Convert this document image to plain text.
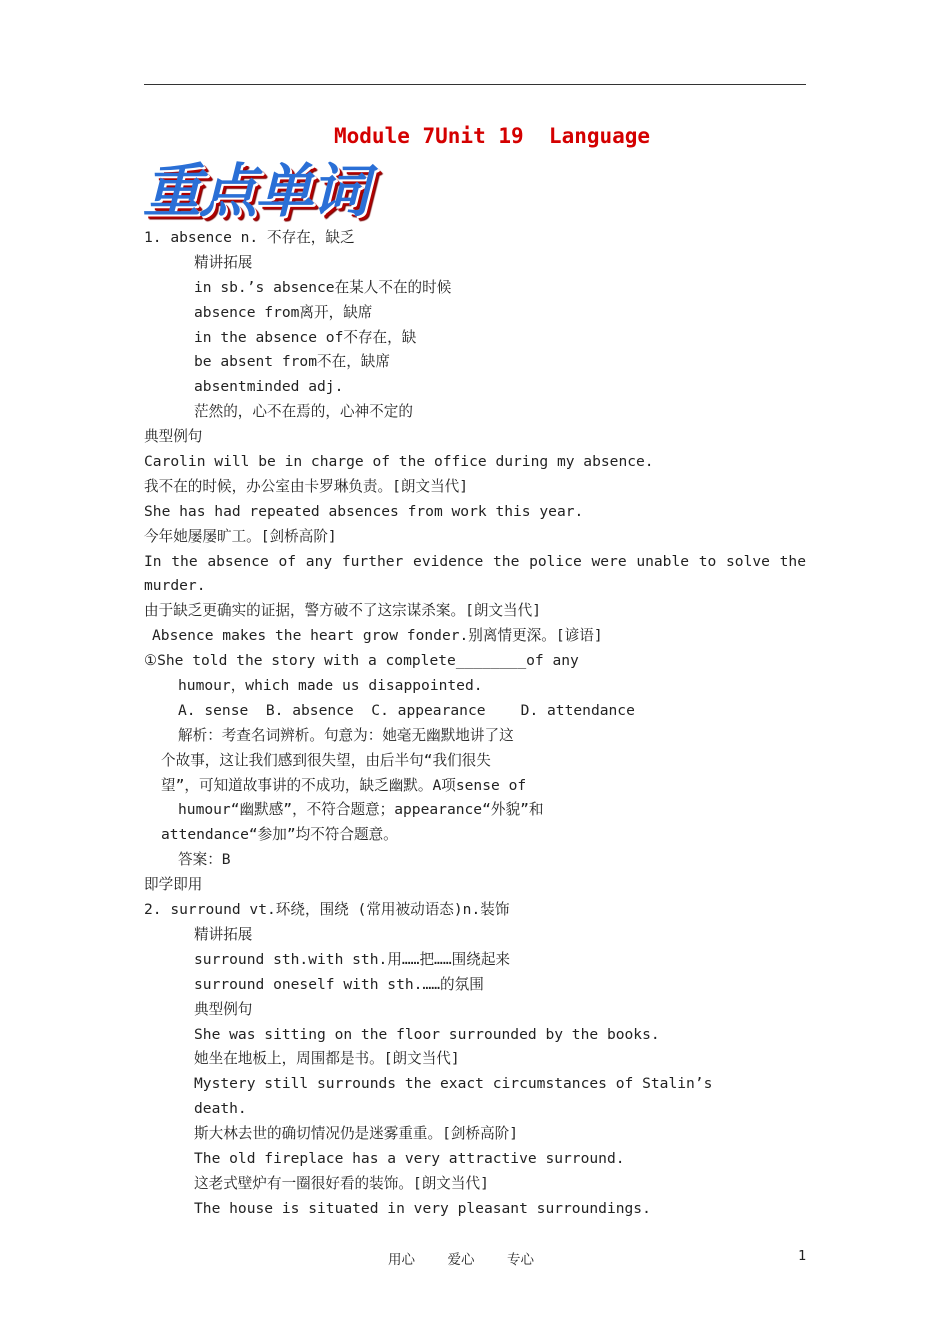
Module 7Unit 19  Language
重点单词
1. absence n. 不存在，缺乏
精讲拓展
in sb.’s absence在某人不在的时候
absence from离开，缺席
in the absence of不存在，缺
be absent from不在，缺席
absentminded adj.
茫然的，心不在焉的，心神不定的
典型例句
Carolin will be in charge of the office during my absence.
我不在的时候，办公室由卡罗琳负责。[朗文当代]
She has had repeated absences from work this year.
今年她屡屡旷工。[剑桥高阶]
In the absence of any further evidence the police were unable to solve the
murder.
由于缺乏更确实的证据，警方破不了这宗谋杀案。[朗文当代]
Absence makes the heart grow fonder.别离情更深。[谚语]
①She told the story with a complete________of any
humour，which made us disappointed.
A. sense  B. absence  C. appearance    D. attendance
解析：考查名词辨析。句意为：她毫无幽默地讲了这
个故事，这让我们感到很失望，由后半句“我们很失
望”，可知道故事讲的不成功，缺乏幽默。A项sense of
humour“幽默感”，不符合题意；appearance“外貌”和
attendance“参加”均不符合题意。
答案：B
即学即用
2. surround vt.环绕，围绕 (常用被动语态)n.装饰
精讲拓展
surround sth.with sth.用……把……围绕起来
surround oneself with sth.……的氛围
典型例句
She was sitting on the floor surrounded by the books.
她坐在地板上，周围都是书。[朗文当代]
Mystery still surrounds the exact circumstances of Stalin’s
death.
斯大林去世的确切情况仍是迷雾重重。[剑桥高阶]
The old fireplace has a very attractive surround.
这老式壁炉有一圈很好看的装饰。[朗文当代]
The house is situated in very pleasant surroundings.
用心    爱心    专心	1
